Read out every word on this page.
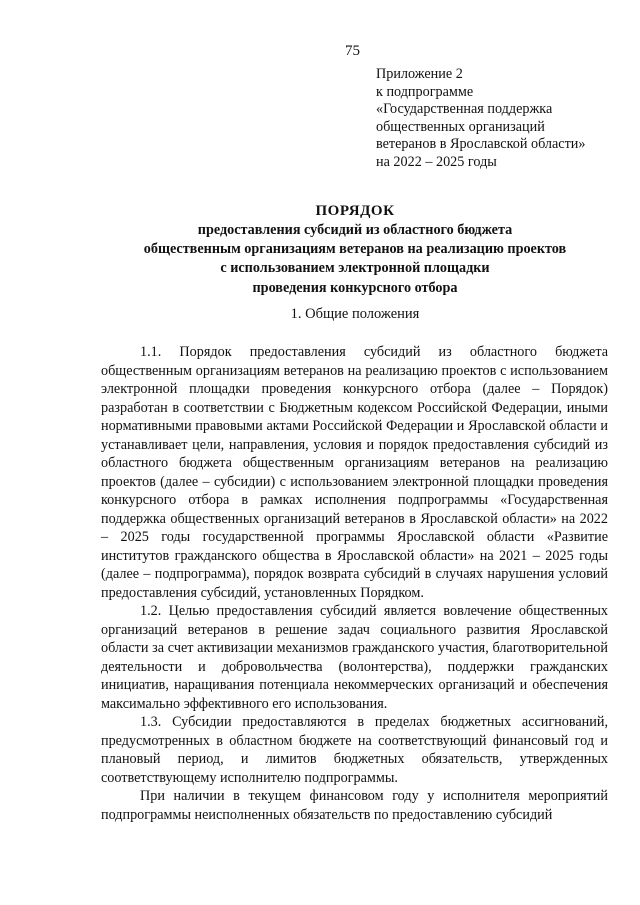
75
Приложение 2
к подпрограмме
«Государственная поддержка
общественных организаций
ветеранов в Ярославской области»
на 2022 – 2025 годы
ПОРЯДОК
предоставления субсидий из областного бюджета
общественным организациям ветеранов на реализацию проектов
с использованием электронной площадки
проведения конкурсного отбора
1. Общие положения

1.1. Порядок предоставления субсидий из областного бюджета общественным организациям ветеранов на реализацию проектов с использованием электронной площадки проведения конкурсного отбора (далее – Порядок) разработан в соответствии с Бюджетным кодексом Российской Федерации, иными нормативными правовыми актами Российской Федерации и Ярославской области и устанавливает цели, направления, условия и порядок предоставления субсидий из областного бюджета общественным организациям ветеранов на реализацию проектов (далее – субсидии) с использованием электронной площадки проведения конкурсного отбора в рамках исполнения подпрограммы «Государственная поддержка общественных организаций ветеранов в Ярославской области» на 2022 – 2025 годы государственной программы Ярославской области «Развитие институтов гражданского общества в Ярославской области» на 2021 – 2025 годы (далее – подпрограмма), порядок возврата субсидий в случаях нарушения условий предоставления субсидий, установленных Порядком.

1.2. Целью предоставления субсидий является вовлечение общественных организаций ветеранов в решение задач социального развития Ярославской области за счет активизации механизмов гражданского участия, благотворительной деятельности и добровольчества (волонтерства), поддержки гражданских инициатив, наращивания потенциала некоммерческих организаций и обеспечения максимально эффективного его использования.

1.3. Субсидии предоставляются в пределах бюджетных ассигнований, предусмотренных в областном бюджете на соответствующий финансовый год и плановый период, и лимитов бюджетных обязательств, утвержденных соответствующему исполнителю подпрограммы.

При наличии в текущем финансовом году у исполнителя мероприятий подпрограммы неисполненных обязательств по предоставлению субсидий
